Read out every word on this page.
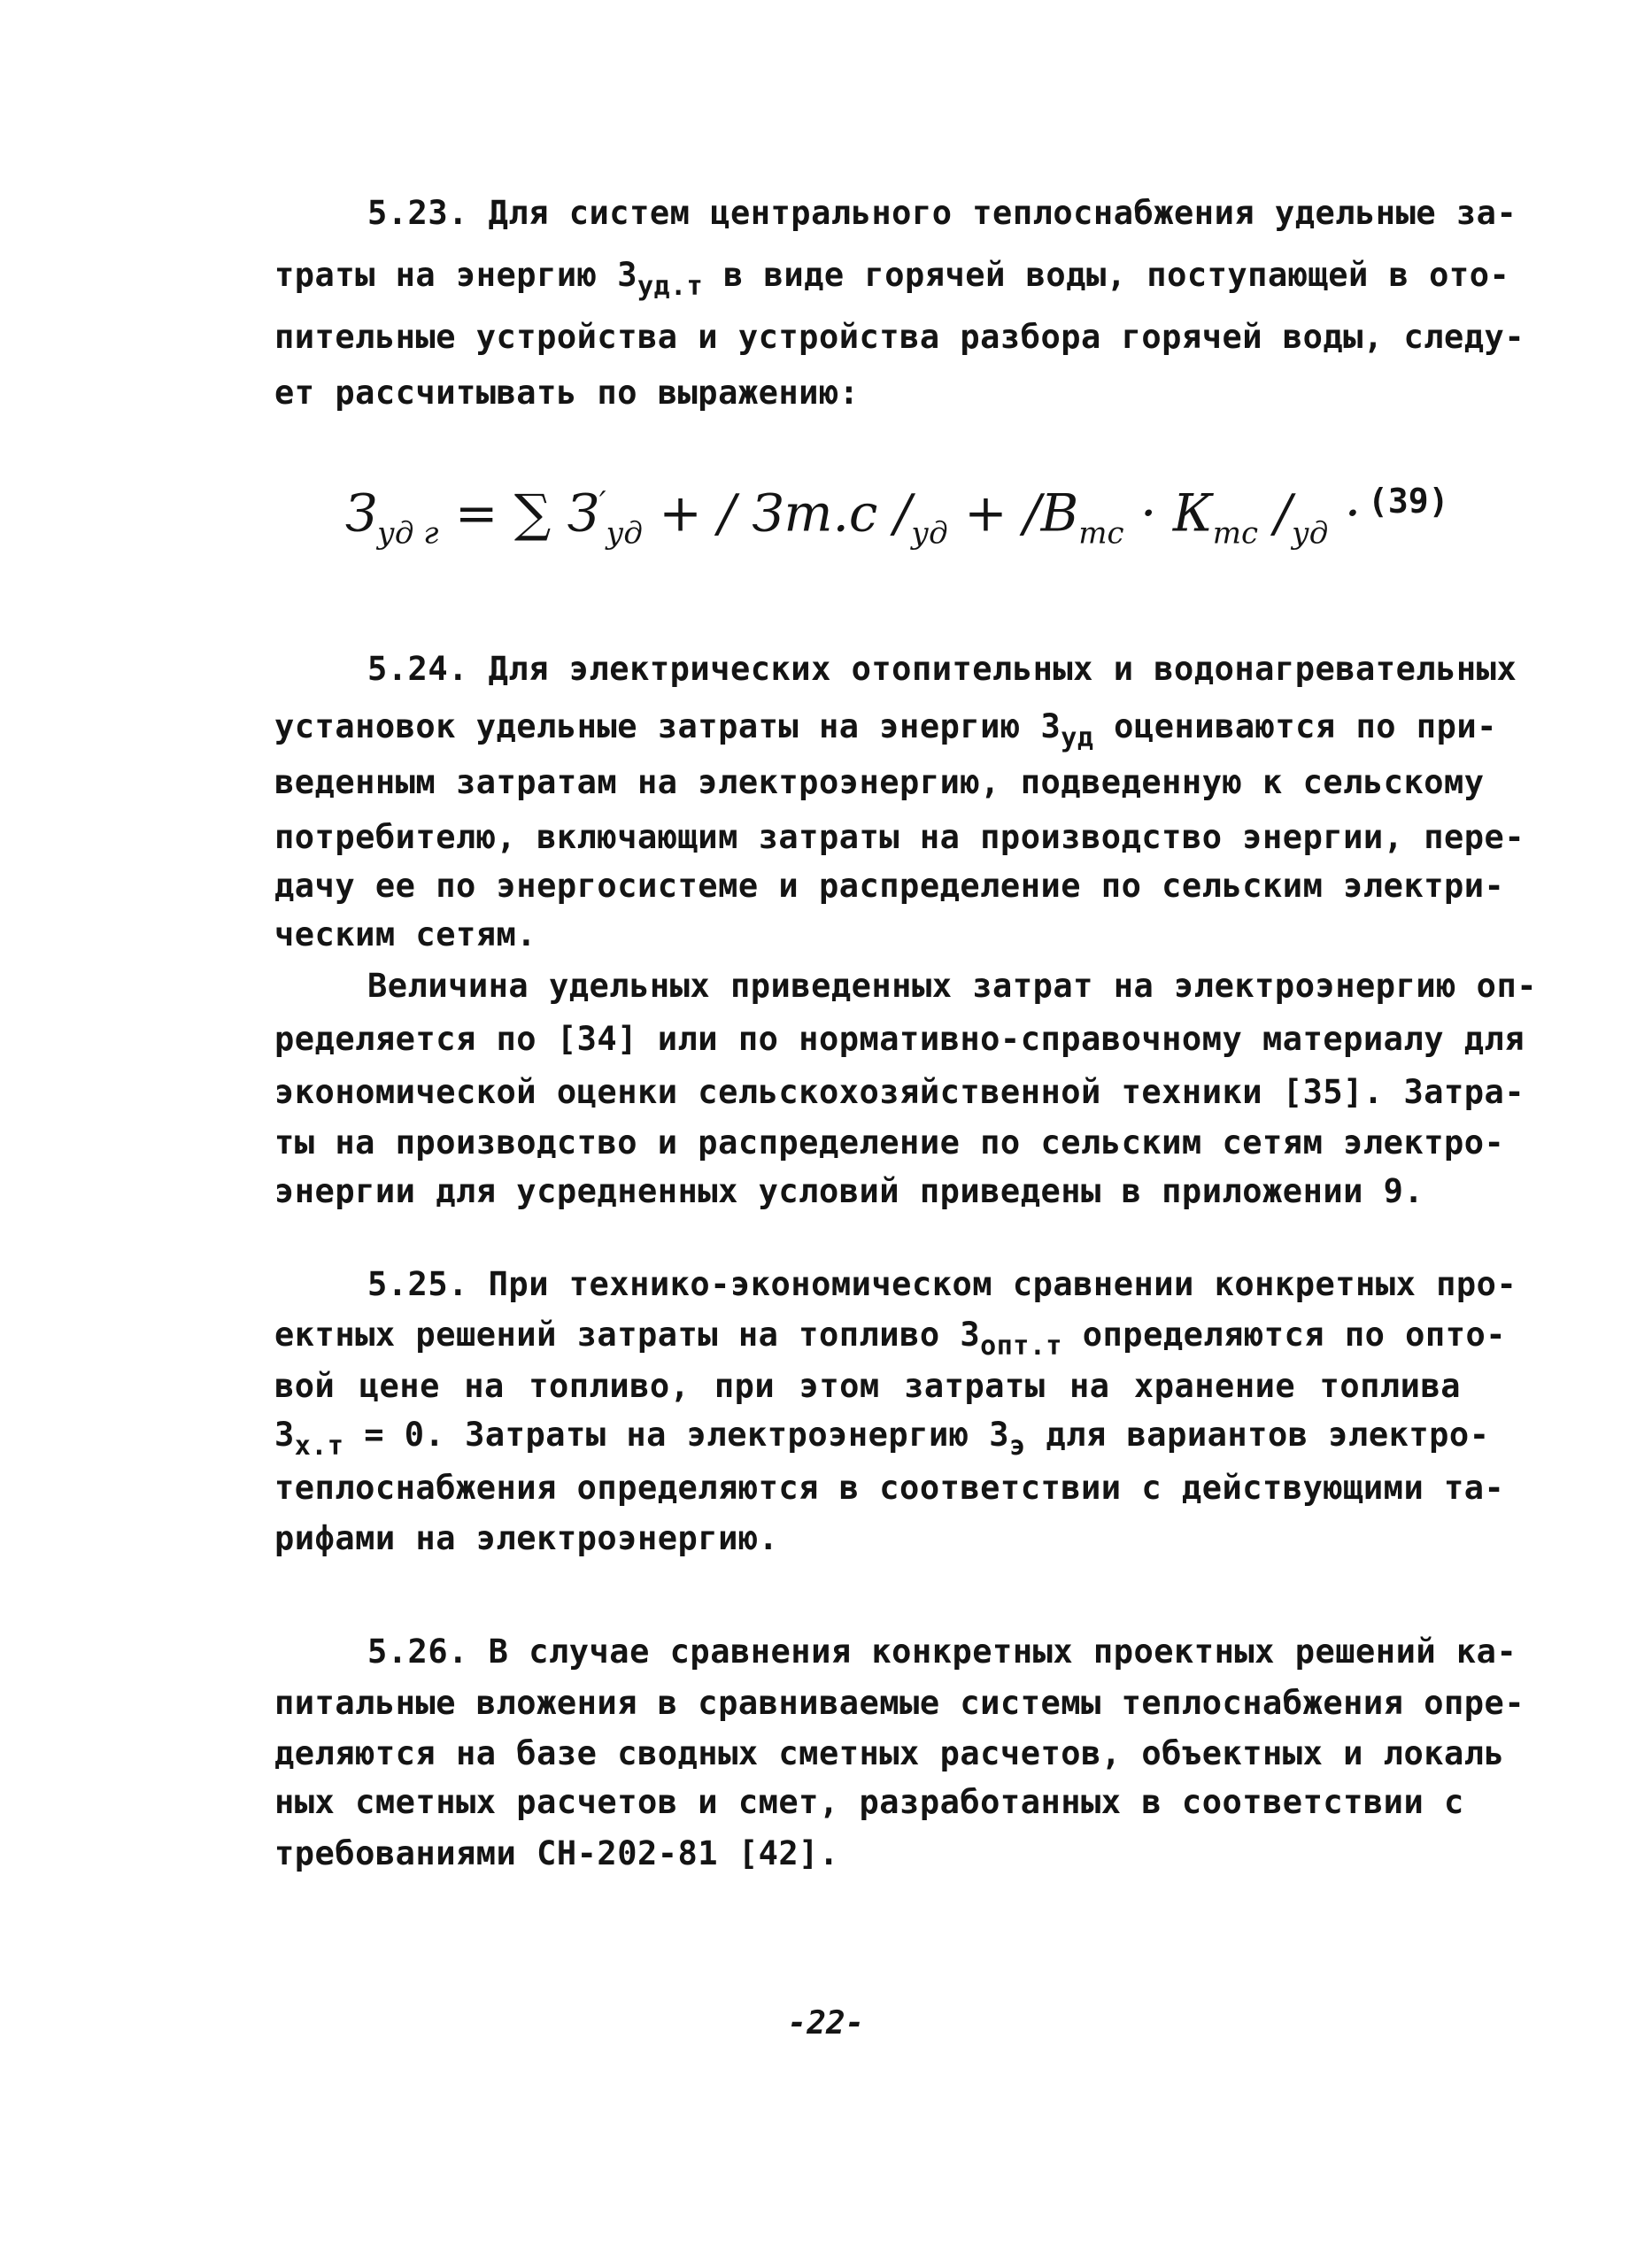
5.23. Для систем центрального теплоснабжения удельные за-
траты на энергию $З_{уд.т}$ в виде горячей воды, поступающей в ото-
пительные устройства и устройства разбора горячей воды, следу-
ет рассчитывать по выражению:
$З_{уд г}$ = ∑ $З'_{уд}$ + / Зт.с $/_{уд} + /В_{тс} \cdot К_{тс}$ $/_{уд} \cdot (39)$
5.24. Для электрических отопительных и водонагревательных
установок удельные затраты на энергию $З_{уд}$ оцениваются по при-
веденным затратам на электроэнергию, подведенную к сельскому
потребителю, включающим затраты на производство энергии, пере-
дачу ее по энергосистеме и распределение по сельским электри-
ческим сетям.
Величина удельных приведенных затрат на электроэнергию оп-
ределяется по [34] или по нормативно-справочному материалу для
экономической оценки сельскохозяйственной техники [35]. Затра-
ты на производство и распределение по сельским сетям электро-
энергии для усредненных условий приведены в приложении 9.
5.25. При технико-экономическом сравнении конкретных про-
ектных решений затраты на топливо $З_{опт.т}$ определяются по опто-
вой цене на топливо, при этом затраты на хранение топлива
$З_{х.т} = 0$. Затраты на электроэнергию $З_э$ для вариантов электро-
теплоснабжения определяются в соответствии с действующими та-
рифами на электроэнергию.
5.26. В случае сравнения конкретных проектных решений ка-
питальные вложения в сравниваемые системы теплоснабжения опре-
деляются на базе сводных сметных расчетов, объектных и локаль
ных сметных расчетов и смет, разработанных в соответствии с
требованиями СН-202-81 [42].
-22-
